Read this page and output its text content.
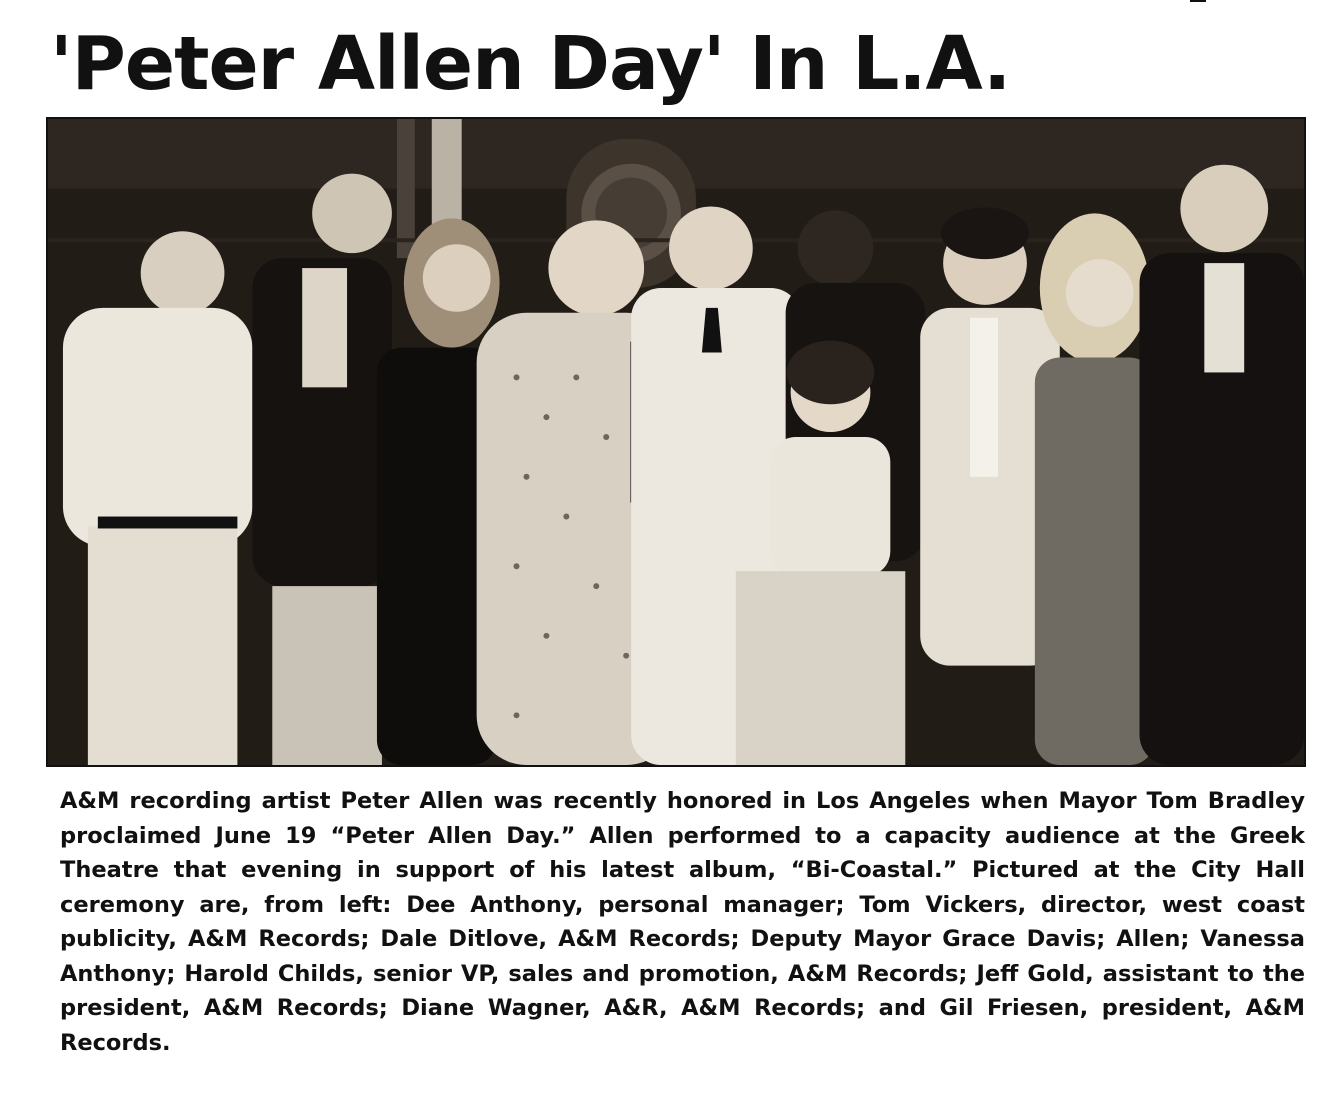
'Peter Allen Day' In L.A.

A&M recording artist Peter Allen was recently honored in Los Angeles when Mayor Tom Bradley proclaimed June 19 “Peter Allen Day.” Allen performed to a capacity audience at the Greek Theatre that evening in support of his latest album, “Bi-Coastal.” Pictured at the City Hall ceremony are, from left: Dee Anthony, personal manager; Tom Vickers, director, west coast publicity, A&M Records; Dale Ditlove, A&M Records; Deputy Mayor Grace Davis; Allen; Vanessa Anthony; Harold Childs, senior VP, sales and promotion, A&M Records; Jeff Gold, assistant to the president, A&M Records; Diane Wagner, A&R, A&M Records; and Gil Friesen, president, A&M Records.
